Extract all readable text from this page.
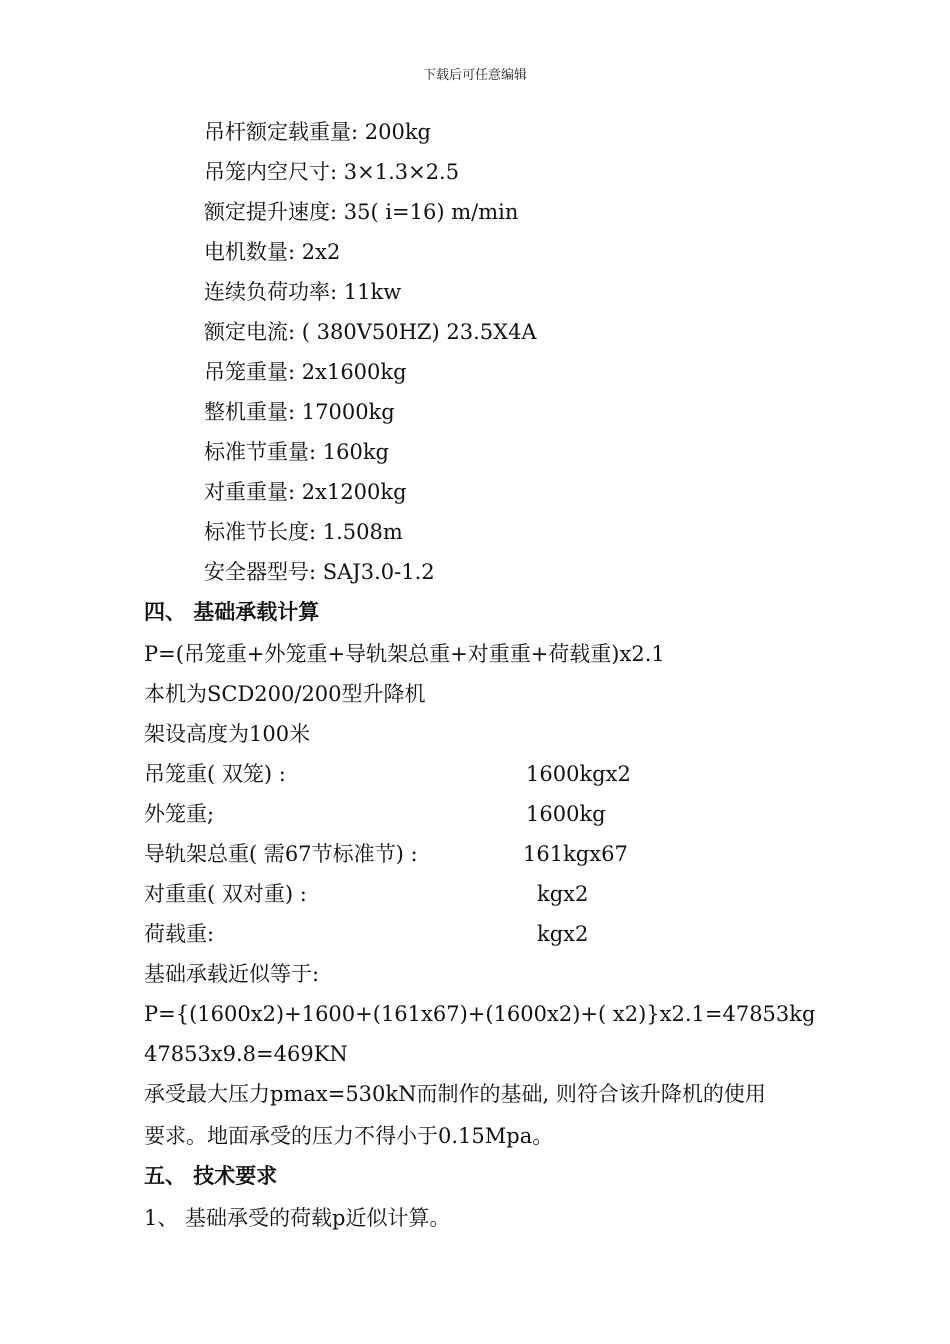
下载后可任意编辑
吊杆额定载重量: 200kg
吊笼内空尺寸: 3×1.3×2.5
额定提升速度: 35( i=16) m/min
电机数量: 2x2
连续负荷功率: 11kw
额定电流: ( 380V50HZ) 23.5X4A
吊笼重量: 2x1600kg
整机重量: 17000kg
标准节重量: 160kg
对重重量: 2x1200kg
标准节长度: 1.508m
安全器型号: SAJ3.0-1.2
四、 基础承载计算
P=(吊笼重+外笼重+导轨架总重+对重重+荷载重)x2.1
本机为SCD200/200型升降机
架设高度为100米
吊笼重( 双笼) :	1600kgx2
外笼重;	1600kg
导轨架总重( 需67节标准节) :	161kgx67
对重重( 双对重) :	kgx2
荷载重:	kgx2
基础承载近似等于:
P={(1600x2)+1600+(161x67)+(1600x2)+( x2)}x2.1=47853kg
47853x9.8=469KN
承受最大压力pmax=530kN而制作的基础, 则符合该升降机的使用
要求。地面承受的压力不得小于0.15Mpa。
五、 技术要求
1、 基础承受的荷载p近似计算。
